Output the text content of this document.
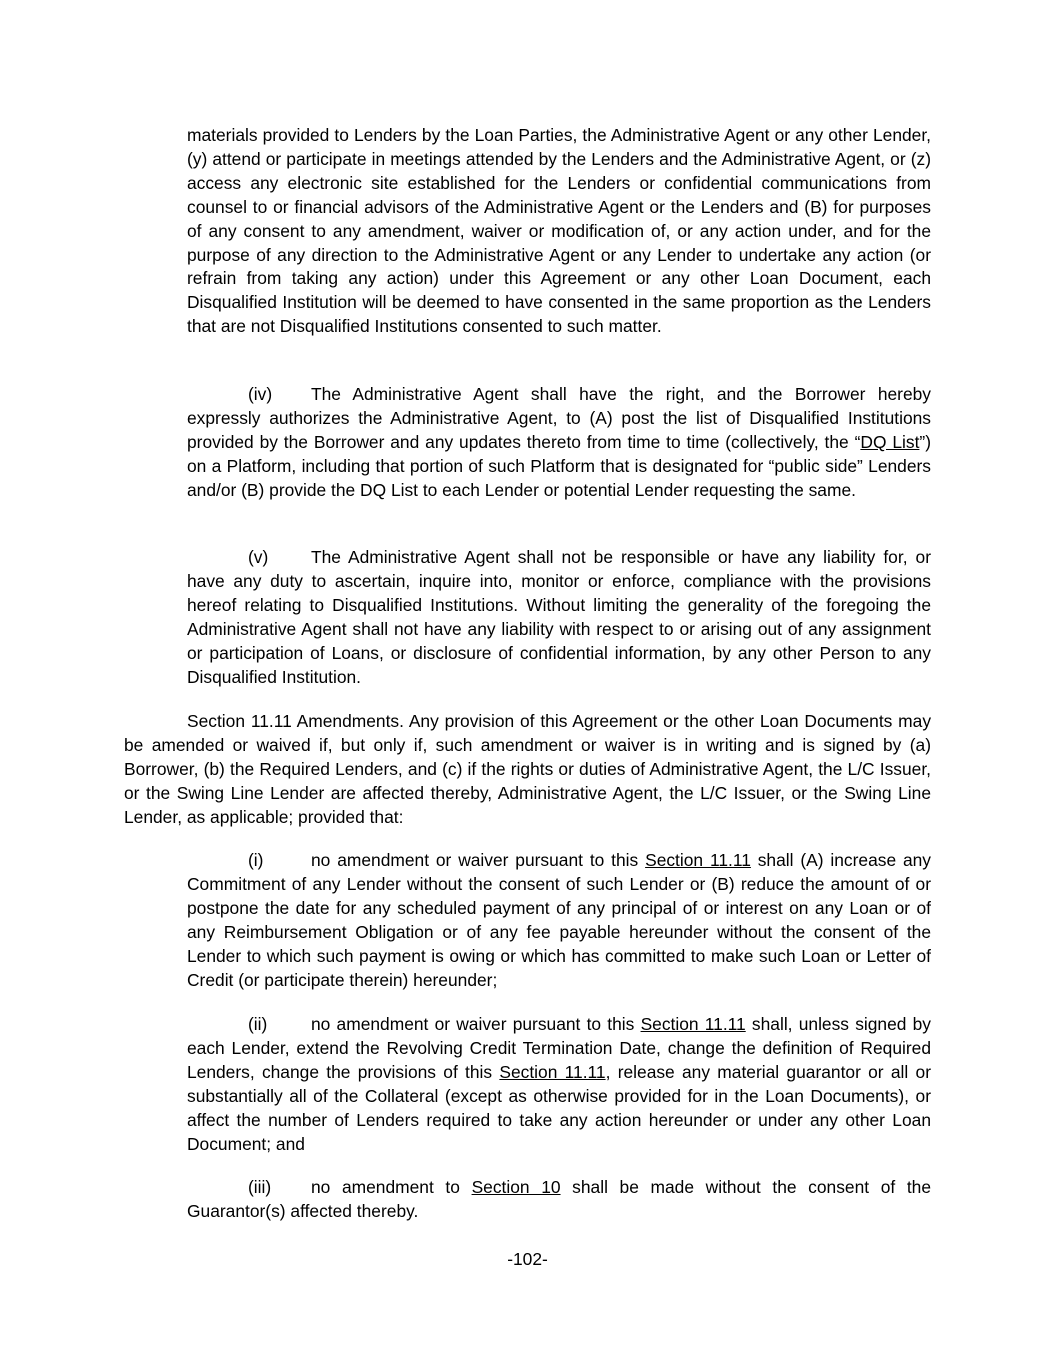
materials provided to Lenders by the Loan Parties, the Administrative Agent or any other Lender, (y) attend or participate in meetings attended by the Lenders and the Administrative Agent, or (z) access any electronic site established for the Lenders or confidential communications from counsel to or financial advisors of the Administrative Agent or the Lenders and (B) for purposes of any consent to any amendment, waiver or modification of, or any action under, and for the purpose of any direction to the Administrative Agent or any Lender to undertake any action (or refrain from taking any action) under this Agreement or any other Loan Document, each Disqualified Institution will be deemed to have consented in the same proportion as the Lenders that are not Disqualified Institutions consented to such matter.

(iv) The Administrative Agent shall have the right, and the Borrower hereby expressly authorizes the Administrative Agent, to (A) post the list of Disqualified Institutions provided by the Borrower and any updates thereto from time to time (collectively, the “DQ List”) on a Platform, including that portion of such Platform that is designated for “public side” Lenders and/or (B) provide the DQ List to each Lender or potential Lender requesting the same.

(v) The Administrative Agent shall not be responsible or have any liability for, or have any duty to ascertain, inquire into, monitor or enforce, compliance with the provisions hereof relating to Disqualified Institutions. Without limiting the generality of the foregoing the Administrative Agent shall not have any liability with respect to or arising out of any assignment or participation of Loans, or disclosure of confidential information, by any other Person to any Disqualified Institution.

Section 11.11 Amendments. Any provision of this Agreement or the other Loan Documents may be amended or waived if, but only if, such amendment or waiver is in writing and is signed by (a) Borrower, (b) the Required Lenders, and (c) if the rights or duties of Administrative Agent, the L/C Issuer, or the Swing Line Lender are affected thereby, Administrative Agent, the L/C Issuer, or the Swing Line Lender, as applicable; provided that:

(i)	no amendment or waiver pursuant to this Section 11.11 shall (A) increase any Commitment of any Lender without the consent of such Lender or (B) reduce the amount of or postpone the date for any scheduled payment of any principal of or interest on any Loan or of any Reimbursement Obligation or of any fee payable hereunder without the consent of the Lender to which such payment is owing or which has committed to make such Loan or Letter of Credit (or participate therein) hereunder;

(ii)	no amendment or waiver pursuant to this Section 11.11 shall, unless signed by each Lender, extend the Revolving Credit Termination Date, change the definition of Required Lenders, change the provisions of this Section 11.11, release any material guarantor or all or substantially all of the Collateral (except as otherwise provided for in the Loan Documents), or affect the number of Lenders required to take any action hereunder or under any other Loan Document; and

(iii) no amendment to Section 10 shall be made without the consent of the Guarantor(s) affected thereby.

-102-
